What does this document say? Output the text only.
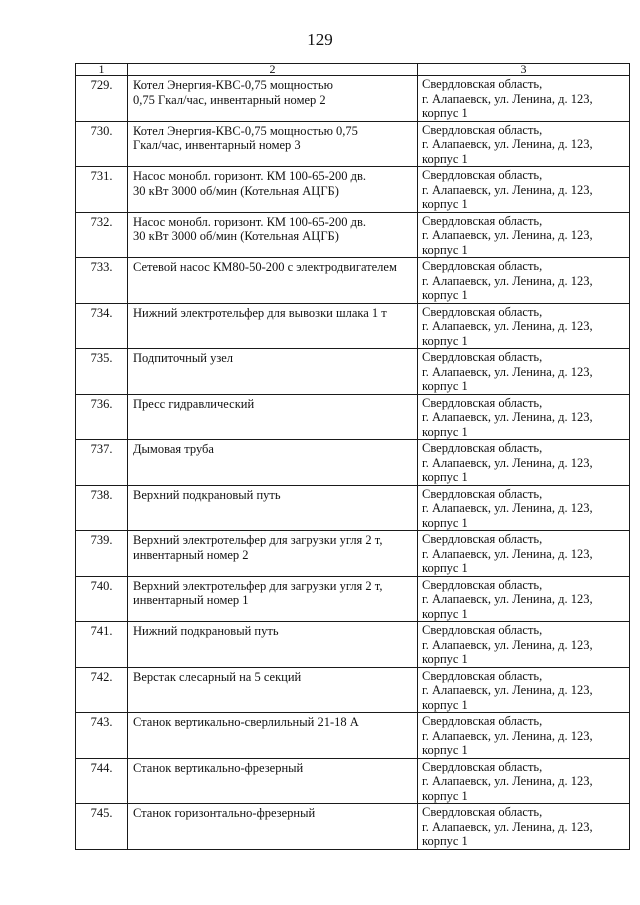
129
1	2	3
729.	Котел Энергия-КВС-0,75 мощностью
0,75 Гкал/час, инвентарный номер 2	Свердловская область,
г. Алапаевск, ул. Ленина, д. 123,
корпус 1

730.	Котел Энергия-КВС-0,75 мощностью 0,75
Гкал/час, инвентарный номер 3	Свердловская область,
г. Алапаевск, ул. Ленина, д. 123,
корпус 1

731.	Насос монобл. горизонт. КМ 100-65-200 дв.
30 кВт 3000 об/мин (Котельная АЦГБ)	Свердловская область,
г. Алапаевск, ул. Ленина, д. 123,
корпус 1

732.	Насос монобл. горизонт. КМ 100-65-200 дв.
30 кВт 3000 об/мин (Котельная АЦГБ)	Свердловская область,
г. Алапаевск, ул. Ленина, д. 123,
корпус 1

733.	Сетевой насос КМ80-50-200 с электродвигателем	Свердловская область,
г. Алапаевск, ул. Ленина, д. 123,
корпус 1

734.	Нижний электротельфер для вывозки шлака 1 т	Свердловская область,
г. Алапаевск, ул. Ленина, д. 123,
корпус 1

735.	Подпиточный узел	Свердловская область,
г. Алапаевск, ул. Ленина, д. 123,
корпус 1

736.	Пресс гидравлический	Свердловская область,
г. Алапаевск, ул. Ленина, д. 123,
корпус 1

737.	Дымовая труба	Свердловская область,
г. Алапаевск, ул. Ленина, д. 123,
корпус 1

738.	Верхний подкрановый путь	Свердловская область,
г. Алапаевск, ул. Ленина, д. 123,
корпус 1

739.	Верхний электротельфер для загрузки угля 2 т,
инвентарный номер 2	Свердловская область,
г. Алапаевск, ул. Ленина, д. 123,
корпус 1

740.	Верхний электротельфер для загрузки угля 2 т,
инвентарный номер 1	Свердловская область,
г. Алапаевск, ул. Ленина, д. 123,
корпус 1

741.	Нижний подкрановый путь	Свердловская область,
г. Алапаевск, ул. Ленина, д. 123,
корпус 1

742.	Верстак слесарный на 5 секций	Свердловская область,
г. Алапаевск, ул. Ленина, д. 123,
корпус 1

743.	Станок вертикально-сверлильный 21-18 А	Свердловская область,
г. Алапаевск, ул. Ленина, д. 123,
корпус 1

744.	Станок вертикально-фрезерный	Свердловская область,
г. Алапаевск, ул. Ленина, д. 123,
корпус 1

745.	Станок горизонтально-фрезерный	Свердловская область,
г. Алапаевск, ул. Ленина, д. 123,
корпус 1
